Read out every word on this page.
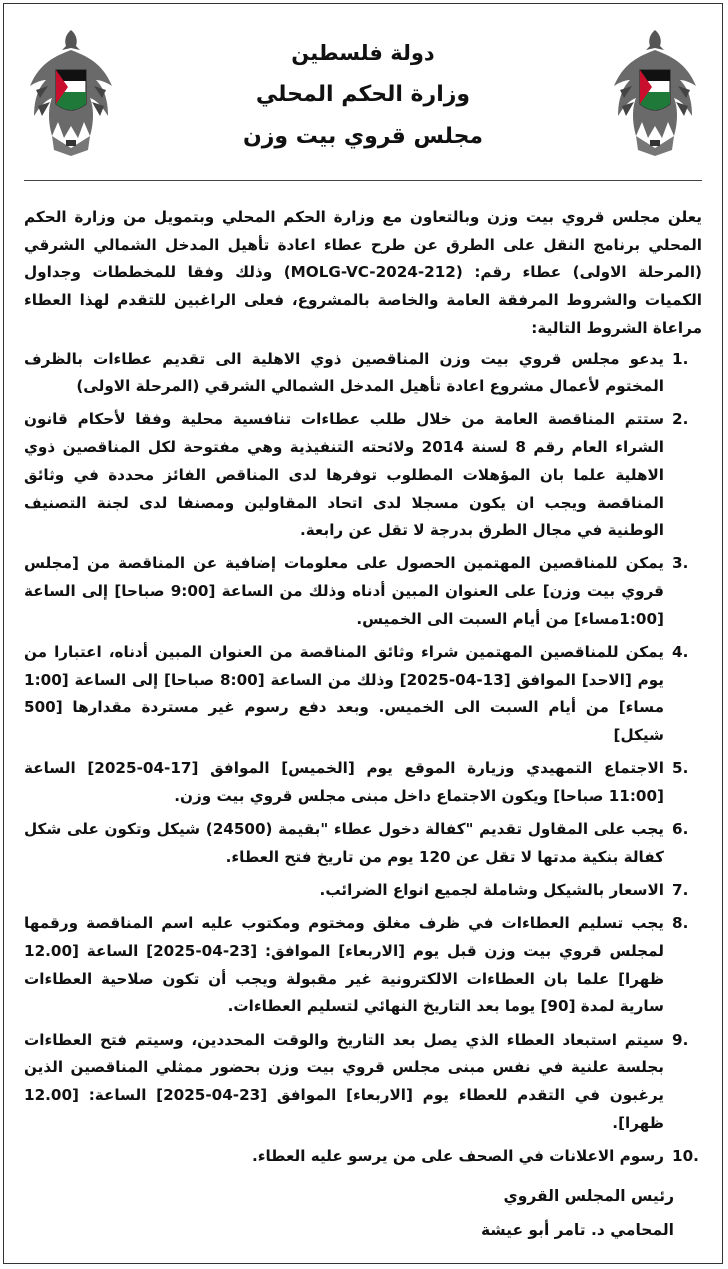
دولة فلسطين
وزارة الحكم المحلي
مجلس قروي بيت وزن

يعلن مجلس قروي بيت وزن وبالتعاون مع وزارة الحكم المحلي وبتمويل من وزارة الحكم المحلي برنامج النقل على الطرق عن طرح عطاء اعادة تأهيل المدخل الشمالي الشرقي (المرحلة الاولى) عطاء رقم: (MOLG-VC-2024-212) وذلك وفقا للمخططات وجداول الكميات والشروط المرفقة العامة والخاصة بالمشروع، فعلى الراغبين للتقدم لهذا العطاء مراعاة الشروط التالية:

1.
يدعو مجلس قروي بيت وزن المناقصين ذوي الاهلية الى تقديم عطاءات بالظرف المختوم لأعمال مشروع اعادة تأهيل المدخل الشمالي الشرقي (المرحلة الاولى)
2.
ستتم المناقصة العامة من خلال طلب عطاءات تنافسية محلية وفقا لأحكام قانون الشراء العام رقم 8 لسنة 2014 ولائحته التنفيذية وهي مفتوحة لكل المناقصين ذوي الاهلية علما بان المؤهلات المطلوب توفرها لدى المناقص الفائز محددة في وثائق المناقصة ويجب ان يكون مسجلا لدى اتحاد المقاولين ومصنفا لدى لجنة التصنيف الوطنية في مجال الطرق بدرجة لا تقل عن رابعة.
3.
يمكن للمناقصين المهتمين الحصول على معلومات إضافية عن المناقصة من [مجلس قروي بيت وزن] على العنوان المبين أدناه وذلك من الساعة [9:00 صباحا] إلى الساعة [1:00مساء] من أيام السبت الى الخميس.
4.
يمكن للمناقصين المهتمين شراء وثائق المناقصة من العنوان المبين أدناه، اعتبارا من يوم [الاحد] الموافق [13-04-2025] وذلك من الساعة [8:00 صباحا] إلى الساعة [1:00 مساء] من أيام السبت الى الخميس. وبعد دفع رسوم غير مستردة مقدارها [500 شيكل]
5.
الاجتماع التمهيدي وزيارة الموقع يوم [الخميس] الموافق [17-04-2025] الساعة [11:00 صباحا] ويكون الاجتماع داخل مبنى مجلس قروي بيت وزن.
6.
يجب على المقاول تقديم "كفالة دخول عطاء "بقيمة (24500) شيكل وتكون على شكل كفالة بنكية مدتها لا تقل عن 120 يوم من تاريخ فتح العطاء.
7.
الاسعار بالشيكل وشاملة لجميع انواع الضرائب.
8.
يجب تسليم العطاءات في ظرف مغلق ومختوم ومكتوب عليه اسم المناقصة ورقمها لمجلس قروي بيت وزن قبل يوم [الاربعاء] الموافق: [23-04-2025] الساعة [12.00 ظهرا] علما بان العطاءات الالكترونية غير مقبولة ويجب أن تكون صلاحية العطاءات سارية لمدة [90] يوما بعد التاريخ النهائي لتسليم العطاءات.
9.
سيتم استبعاد العطاء الذي يصل بعد التاريخ والوقت المحددين، وسيتم فتح العطاءات بجلسة علنية في نفس مبنى مجلس قروي بيت وزن بحضور ممثلي المناقصين الذين يرغبون في التقدم للعطاء يوم [الاربعاء] الموافق [23-04-2025] الساعة: [12.00 ظهرا].
10.
رسوم الاعلانات في الصحف على من يرسو عليه العطاء.
رئيس المجلس القروي
المحامي د. تامر أبو عيشة
